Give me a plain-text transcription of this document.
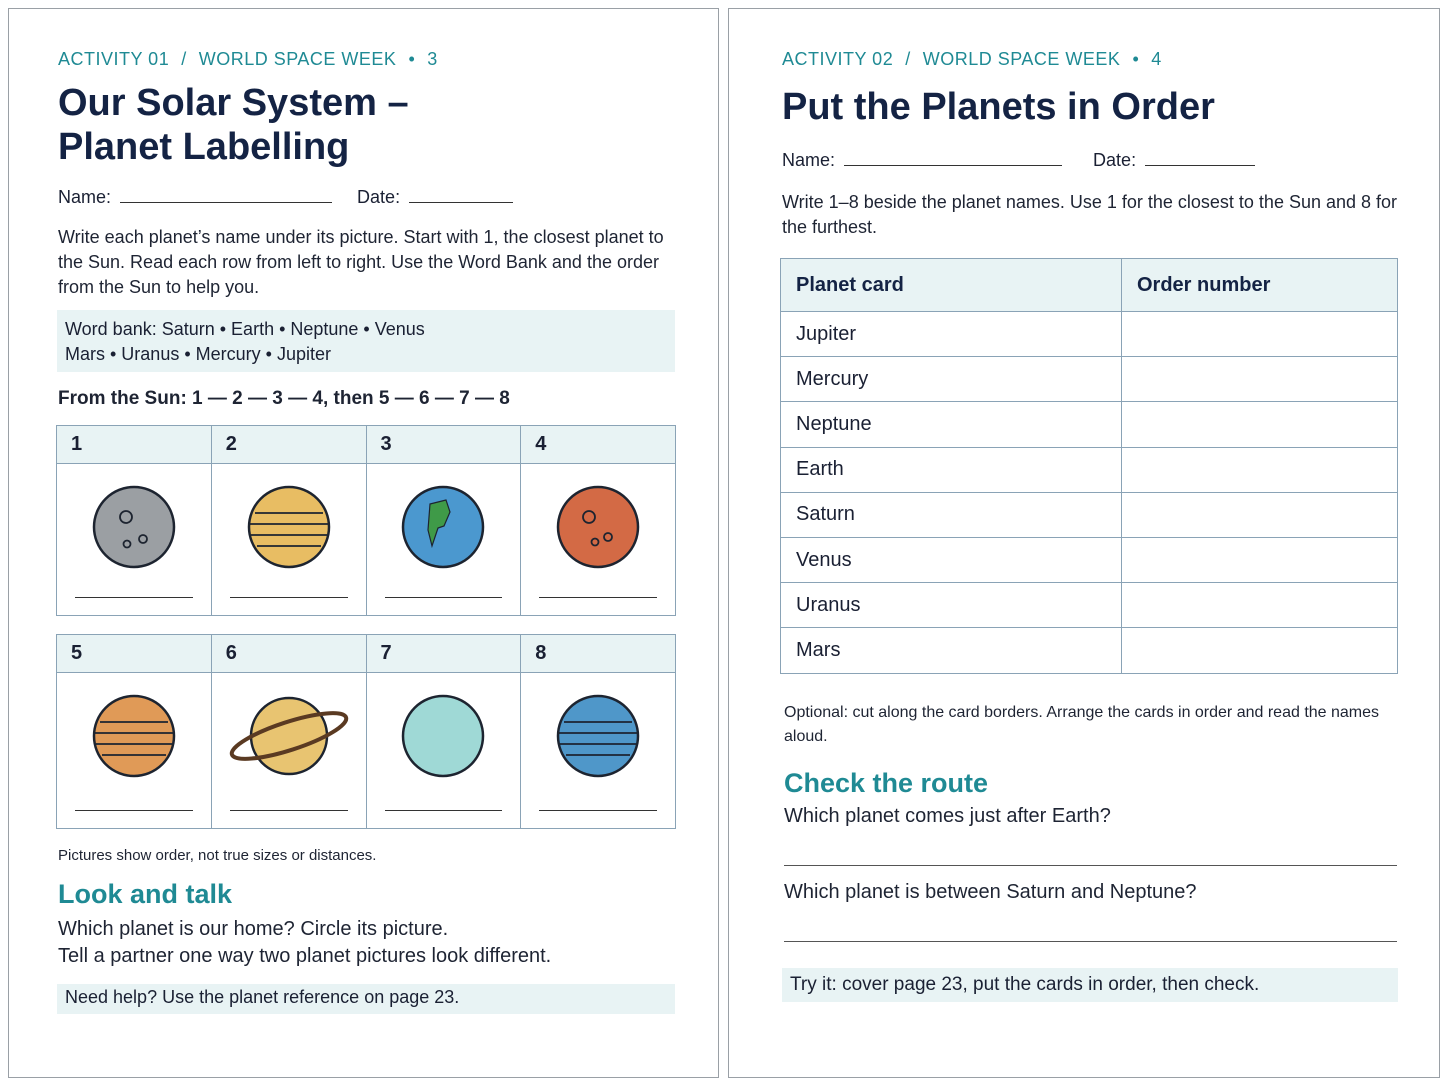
ACTIVITY 01 / WORLD SPACE WEEK • 3
Our Solar System –
Planet Labelling
Name:	Date:
Write each planet’s name under its picture. Start with 1, the closest planet to the Sun. Read each row from left to right. Use the Word Bank and the order from the Sun to help you.
Word bank: Saturn • Earth • Neptune • Venus
Mars • Uranus • Mercury • Jupiter
From the Sun: 1 — 2 — 3 — 4, then 5 — 6 — 7 — 8
1	2	3	4
5	6	7	8
Pictures show order, not true sizes or distances.
Look and talk
Which planet is our home? Circle its picture.
Tell a partner one way two planet pictures look different.
Need help? Use the planet reference on page 23.
ACTIVITY 02 / WORLD SPACE WEEK • 4
Put the Planets in Order
Name:	Date:
Write 1–8 beside the planet names. Use 1 for the closest to the Sun and 8 for the furthest.
Planet card	Order number
Jupiter	
Mercury	
Neptune	
Earth	
Saturn	
Venus	
Uranus	
Mars	
Optional: cut along the card borders. Arrange the cards in order and read the names aloud.
Check the route
Which planet comes just after Earth?
Which planet is between Saturn and Neptune?
Try it: cover page 23, put the cards in order, then check.
